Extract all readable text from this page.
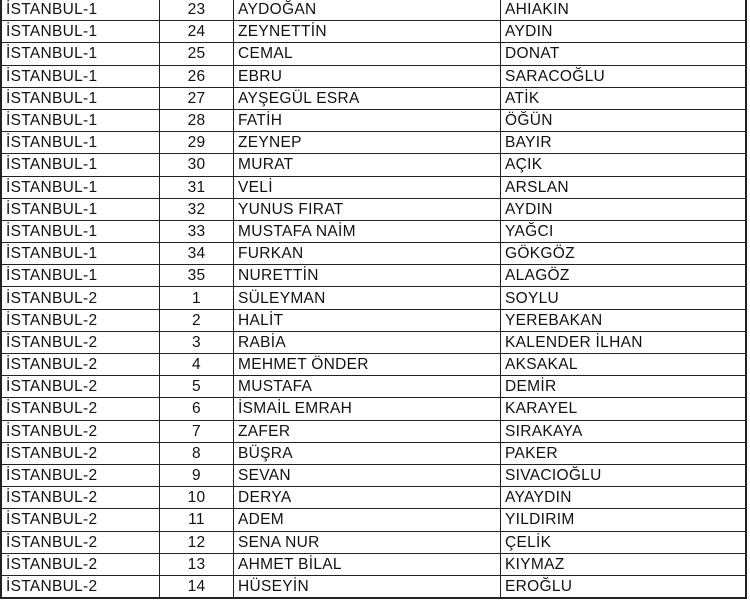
İSTANBUL-1	23	AYDOĞAN	AHIAKIN
İSTANBUL-1	24	ZEYNETTİN	AYDIN
İSTANBUL-1	25	CEMAL	DONAT
İSTANBUL-1	26	EBRU	SARACOĞLU
İSTANBUL-1	27	AYŞEGÜL ESRA	ATİK
İSTANBUL-1	28	FATİH	ÖĞÜN
İSTANBUL-1	29	ZEYNEP	BAYIR
İSTANBUL-1	30	MURAT	AÇIK
İSTANBUL-1	31	VELİ	ARSLAN
İSTANBUL-1	32	YUNUS FIRAT	AYDIN
İSTANBUL-1	33	MUSTAFA NAİM	YAĞCI
İSTANBUL-1	34	FURKAN	GÖKGÖZ
İSTANBUL-1	35	NURETTİN	ALAGÖZ
İSTANBUL-2	1	SÜLEYMAN	SOYLU
İSTANBUL-2	2	HALİT	YEREBAKAN
İSTANBUL-2	3	RABİA	KALENDER İLHAN
İSTANBUL-2	4	MEHMET ÖNDER	AKSAKAL
İSTANBUL-2	5	MUSTAFA	DEMİR
İSTANBUL-2	6	İSMAİL EMRAH	KARAYEL
İSTANBUL-2	7	ZAFER	SIRAKAYA
İSTANBUL-2	8	BÜŞRA	PAKER
İSTANBUL-2	9	SEVAN	SIVACIOĞLU
İSTANBUL-2	10	DERYA	AYAYDIN
İSTANBUL-2	11	ADEM	YILDIRIM
İSTANBUL-2	12	SENA NUR	ÇELİK
İSTANBUL-2	13	AHMET BİLAL	KIYMAZ
İSTANBUL-2	14	HÜSEYİN	EROĞLU
